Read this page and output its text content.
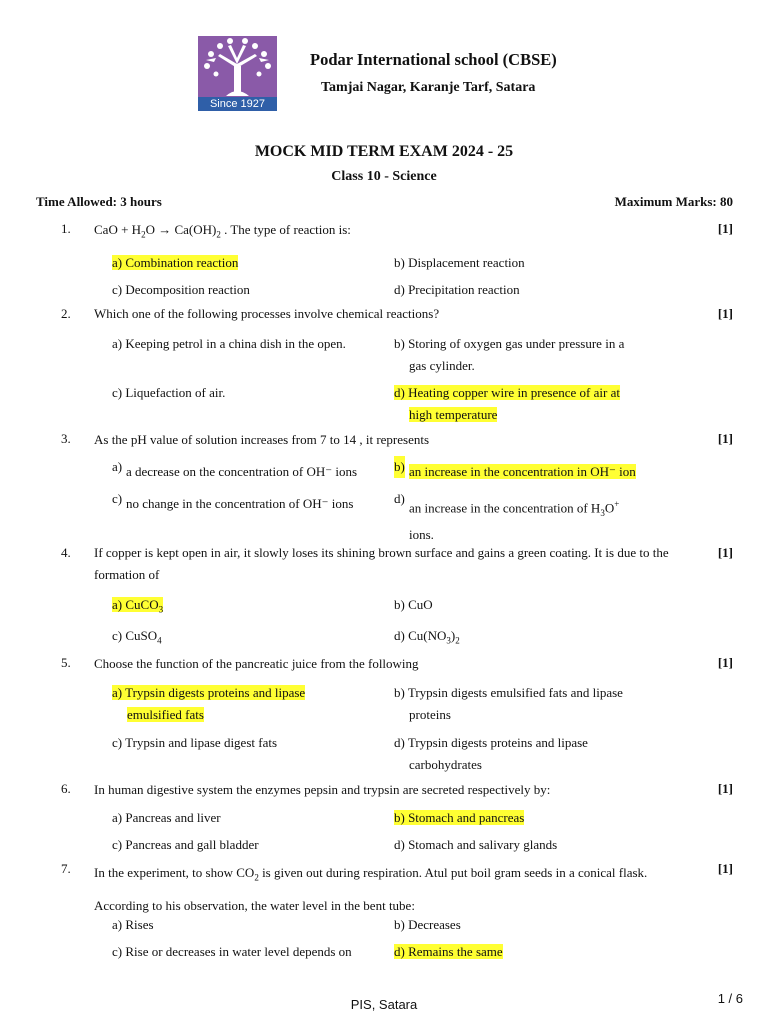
Since 1927
Podar International school (CBSE)
Tamjai Nagar, Karanje Tarf, Satara
MOCK MID TERM EXAM 2024 - 25
Class 10 - Science
Time Allowed: 3 hours	Maximum Marks: 80
1. CaO + $H_2O \to Ca(OH)_2$ . The type of reaction is:	[1]
a) Combination reaction	b) Displacement reaction
c) Decomposition reaction	d) Precipitation reaction
2. Which one of the following processes involve chemical reactions?	[1]
a) Keeping petrol in a china dish in the open.	b) Storing of oxygen gas under pressure in a
gas cylinder.
c) Liquefaction of air.	d) Heating copper wire in presence of air at
high temperature
3. As the pH value of solution increases from 7 to 14 , it represents	[1]
a) a decrease on the concentration of OH⁻ ions	b) an increase in the concentration in OH⁻ ion
c) no change in the concentration of OH⁻ ions	d)
an increase in the concentration of $H_3O^+$
ions.
4. If copper is kept open in air, it slowly loses its shining brown surface and gains a green coating. It is due to the
formation of
[1]
a) CuCO$_3$	b) CuO
c) CuSO$_4$	d) $Cu(NO_3)_2$
5. Choose the function of the pancreatic juice from the following	[1]
a) Trypsin digests proteins and lipase
emulsified fats
b) Trypsin digests emulsified fats and lipase
proteins
c) Trypsin and lipase digest fats	d) Trypsin digests proteins and lipase
carbohydrates
6. In human digestive system the enzymes pepsin and trypsin are secreted respectively by:	[1]
a) Pancreas and liver	b) Stomach and pancreas
c) Pancreas and gall bladder	d) Stomach and salivary glands
7. In the experiment, to show $CO_2$ is given out during respiration. Atul put boil gram seeds in a conical flask.
According to his observation, the water level in the bent tube:
[1]
a) Rises	b) Decreases
c) Rise or decreases in water level depends on	d) Remains the same
PIS, Satara	1 / 6
